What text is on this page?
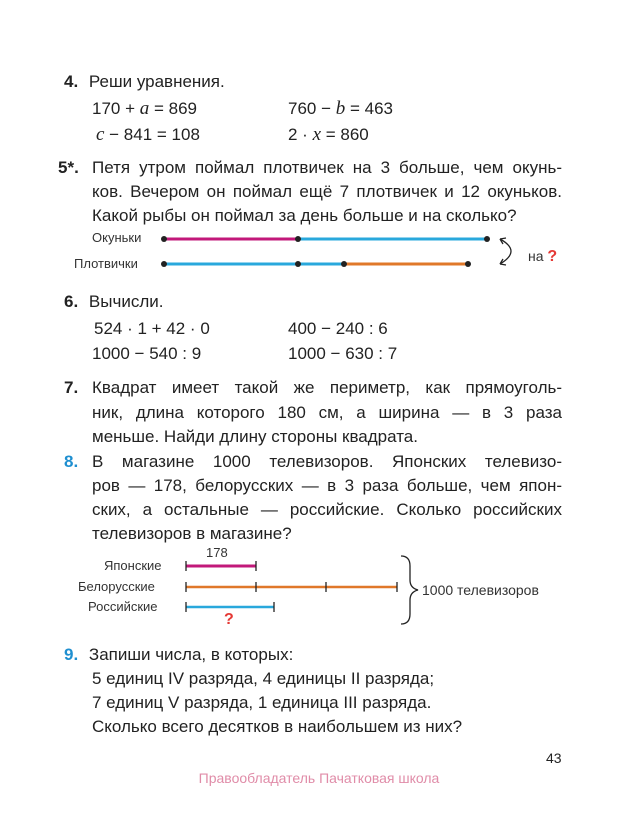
4. Реши уравнения.
170 + a = 869	760 − b = 463
c − 841 = 108	2 · x = 860
5*. Петя утром поймал плотвичек на 3 больше, чем окунь-
ков. Вечером он поймал ещё 7 плотвичек и 12 окуньков.
Какой рыбы он поймал за день больше и на сколько?
Окуньки
Плотвички	на ?
6. Вычисли.
524 · 1 + 42 · 0	400 − 240 : 6
1000 − 540 : 9	1000 − 630 : 7
7. Квадрат имеет такой же периметр, как прямоуголь-
ник, длина которого 180 см, а ширина — в 3 раза
меньше. Найди длину стороны квадрата.
8. В магазине 1000 телевизоров. Японских телевизо-
ров — 178, белорусских — в 3 раза больше, чем япон-
ских, а остальные — российские. Сколько российских
телевизоров в магазине?
178
Японские
Белорусские
Российские
?
1000 телевизоров
9. Запиши числа, в которых:
5 единиц IV разряда, 4 единицы II разряда;
7 единиц V разряда, 1 единица III разряда.
Сколько всего десятков в наибольшем из них?
43
Правообладатель Пачатковая школа
